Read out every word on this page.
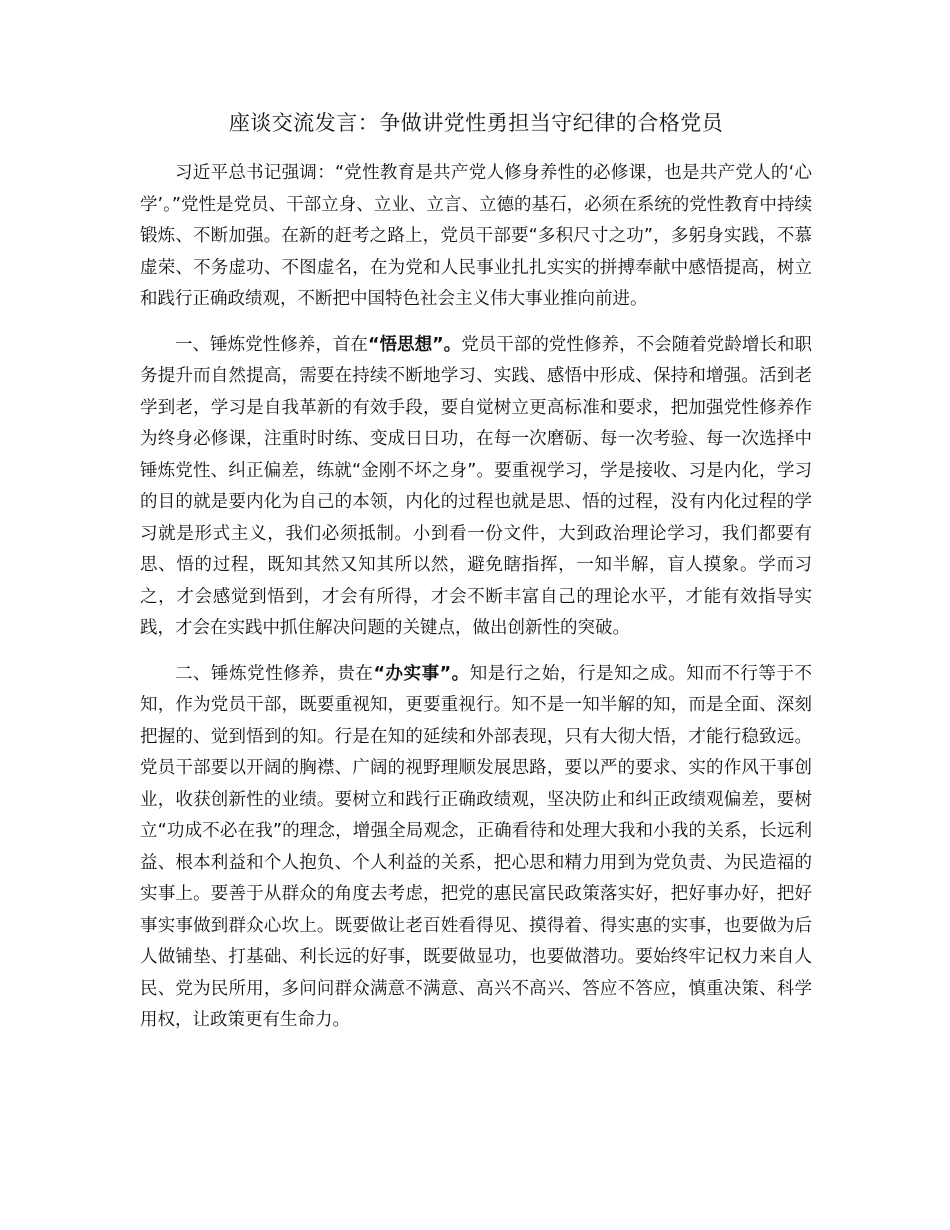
座谈交流发言：争做讲党性勇担当守纪律的合格党员

习近平总书记强调：“党性教育是共产党人修身养性的必修课，也是共产党人的‘心学’。”党性是党员、干部立身、立业、立言、立德的基石，必须在系统的党性教育中持续锻炼、不断加强。在新的赶考之路上，党员干部要“多积尺寸之功”，多躬身实践，不慕虚荣、不务虚功、不图虚名，在为党和人民事业扎扎实实的拼搏奉献中感悟提高，树立和践行正确政绩观，不断把中国特色社会主义伟大事业推向前进。

一、锤炼党性修养，首在“悟思想”。党员干部的党性修养，不会随着党龄增长和职务提升而自然提高，需要在持续不断地学习、实践、感悟中形成、保持和增强。活到老学到老，学习是自我革新的有效手段，要自觉树立更高标准和要求，把加强党性修养作为终身必修课，注重时时练、变成日日功，在每一次磨砺、每一次考验、每一次选择中锤炼党性、纠正偏差，练就“金刚不坏之身”。要重视学习，学是接收、习是内化，学习的目的就是要内化为自己的本领，内化的过程也就是思、悟的过程，没有内化过程的学习就是形式主义，我们必须抵制。小到看一份文件，大到政治理论学习，我们都要有思、悟的过程，既知其然又知其所以然，避免瞎指挥，一知半解，盲人摸象。学而习之，才会感觉到悟到，才会有所得，才会不断丰富自己的理论水平，才能有效指导实践，才会在实践中抓住解决问题的关键点，做出创新性的突破。

二、锤炼党性修养，贵在“办实事”。知是行之始，行是知之成。知而不行等于不知，作为党员干部，既要重视知，更要重视行。知不是一知半解的知，而是全面、深刻把握的、觉到悟到的知。行是在知的延续和外部表现，只有大彻大悟，才能行稳致远。党员干部要以开阔的胸襟、广阔的视野理顺发展思路，要以严的要求、实的作风干事创业，收获创新性的业绩。要树立和践行正确政绩观，坚决防止和纠正政绩观偏差，要树立“功成不必在我”的理念，增强全局观念，正确看待和处理大我和小我的关系，长远利益、根本利益和个人抱负、个人利益的关系，把心思和精力用到为党负责、为民造福的实事上。要善于从群众的角度去考虑，把党的惠民富民政策落实好，把好事办好，把好事实事做到群众心坎上。既要做让老百姓看得见、摸得着、得实惠的实事，也要做为后人做铺垫、打基础、利长远的好事，既要做显功，也要做潜功。要始终牢记权力来自人民、党为民所用，多问问群众满意不满意、高兴不高兴、答应不答应，慎重决策、科学用权，让政策更有生命力。
